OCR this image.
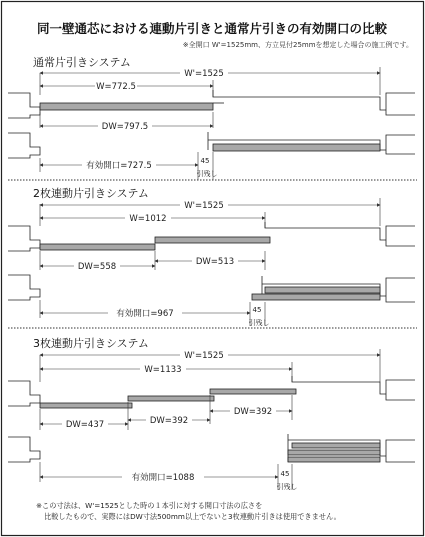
同一壁通芯における連動片引きと通常片引きの有効開口の比較
※全開口 W'=1525mm、方立見付25mmを想定した場合の施工例です。
通常片引きシステム
W'=1525
W=772.5
DW=797.5
有効開口=727.5	45
引残し
2枚連動片引きシステム
W'=1525
W=1012
DW=558	DW=513
有効開口=967	45
引残し
3枚連動片引きシステム
W'=1525
W=1133
DW=437	DW=392
DW=392
有効開口=1088	45
引残し
※この寸法は、W'=1525とした時の１本引に対する開口寸法の広さを
比較したもので、実際にはDW寸法500mm以上でないと3枚連動片引きは使用できません。
